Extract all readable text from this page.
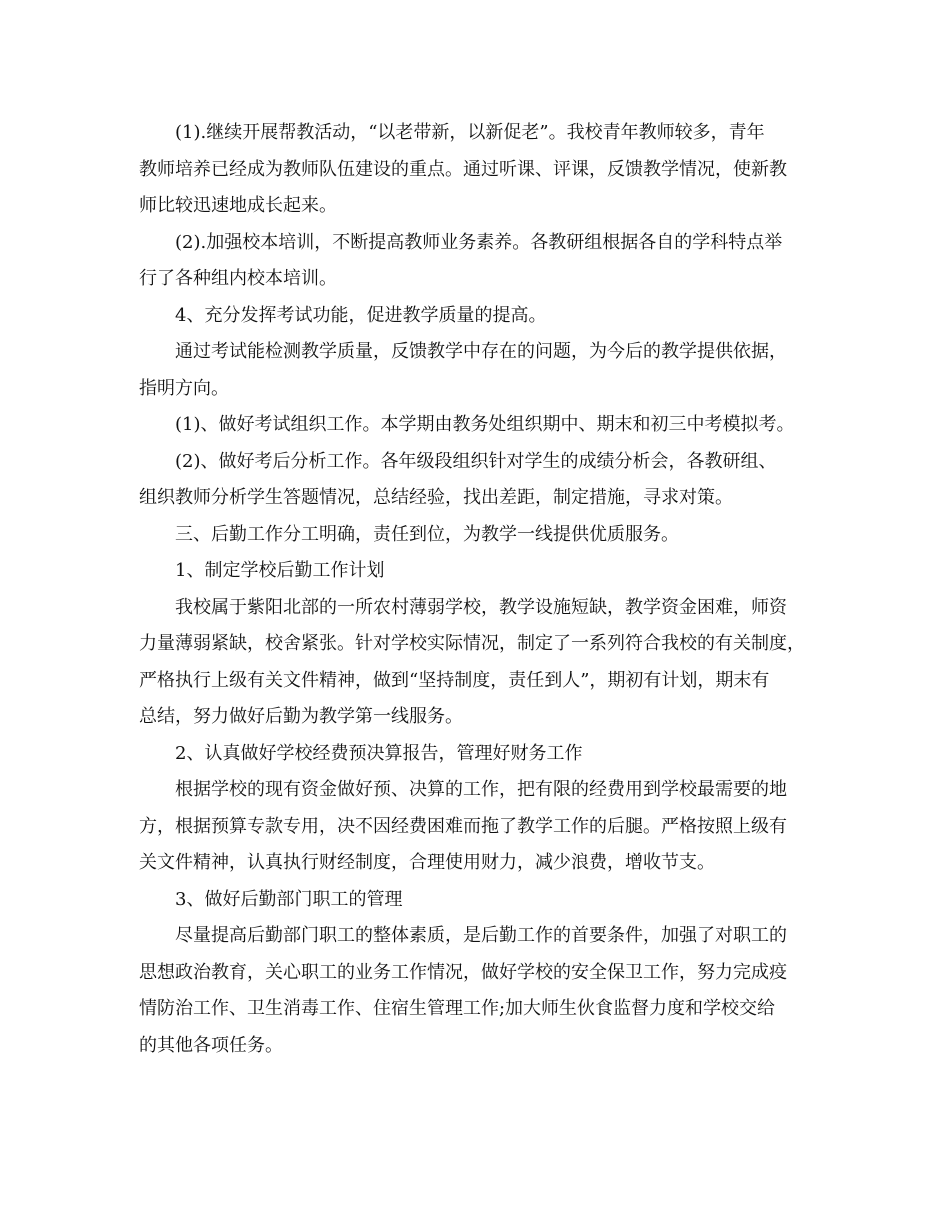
(1).继续开展帮教活动，“以老带新，以新促老”。我校青年教师较多，青年
教师培养已经成为教师队伍建设的重点。通过听课、评课，反馈教学情况，使新教
师比较迅速地成长起来。
(2).加强校本培训，不断提高教师业务素养。各教研组根据各自的学科特点举
行了各种组内校本培训。
4、充分发挥考试功能，促进教学质量的提高。
通过考试能检测教学质量，反馈教学中存在的问题，为今后的教学提供依据，
指明方向。
(1)、做好考试组织工作。本学期由教务处组织期中、期末和初三中考模拟考。
(2)、做好考后分析工作。各年级段组织针对学生的成绩分析会，各教研组、
组织教师分析学生答题情况，总结经验，找出差距，制定措施，寻求对策。
三、后勤工作分工明确，责任到位，为教学一线提供优质服务。
1、制定学校后勤工作计划
我校属于紫阳北部的一所农村薄弱学校，教学设施短缺，教学资金困难，师资
力量薄弱紧缺，校舍紧张。针对学校实际情况，制定了一系列符合我校的有关制度，
严格执行上级有关文件精神，做到“坚持制度，责任到人”，期初有计划，期末有
总结，努力做好后勤为教学第一线服务。
2、认真做好学校经费预决算报告，管理好财务工作
根据学校的现有资金做好预、决算的工作，把有限的经费用到学校最需要的地
方，根据预算专款专用，决不因经费困难而拖了教学工作的后腿。严格按照上级有
关文件精神，认真执行财经制度，合理使用财力，减少浪费，增收节支。
3、做好后勤部门职工的管理
尽量提高后勤部门职工的整体素质，是后勤工作的首要条件，加强了对职工的
思想政治教育，关心职工的业务工作情况，做好学校的安全保卫工作，努力完成疫
情防治工作、卫生消毒工作、住宿生管理工作;加大师生伙食监督力度和学校交给
的其他各项任务。
